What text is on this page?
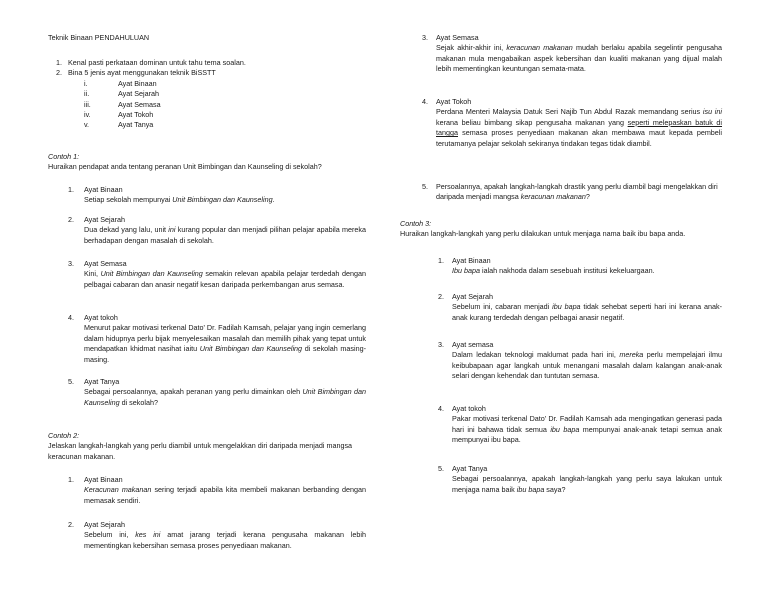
Teknik Binaan PENDAHULUAN
1. Kenal pasti perkataan dominan untuk tahu tema soalan.
2. Bina 5 jenis ayat menggunakan teknik BiSSTT
i.	Ayat Binaan
ii.	Ayat Sejarah
iii.	Ayat Semasa
iv.	Ayat Tokoh
v.	Ayat Tanya
Contoh 1:
Huraikan pendapat anda tentang peranan Unit Bimbingan dan Kaunseling di sekolah?
1. Ayat Binaan
Setiap sekolah mempunyai Unit Bimbingan dan Kaunseling.
2. Ayat Sejarah
Dua dekad yang lalu, unit ini kurang popular dan menjadi pilihan pelajar apabila mereka berhadapan dengan masalah di sekolah.
3. Ayat Semasa
Kini, Unit Bimbingan dan Kaunseling semakin relevan apabila pelajar terdedah dengan pelbagai cabaran dan anasir negatif kesan daripada perkembangan arus semasa.
4. Ayat tokoh
Menurut pakar motivasi terkenal Dato' Dr. Fadilah Kamsah, pelajar yang ingin cemerlang dalam hidupnya perlu bijak menyelesaikan masalah dan memilih pihak yang tepat untuk mendapatkan khidmat nasihat iaitu Unit Bimbingan dan Kaunseling di sekolah masing-masing.
5. Ayat Tanya
Sebagai persoalannya, apakah peranan yang perlu dimainkan oleh Unit Bimbingan dan Kaunseling di sekolah?
Contoh 2:
Jelaskan langkah-langkah yang perlu diambil untuk mengelakkan diri daripada menjadi mangsa keracunan makanan.
1. Ayat Binaan
Keracunan makanan sering terjadi apabila kita membeli makanan berbanding dengan memasak sendiri.
2. Ayat Sejarah
Sebelum ini, kes ini amat jarang terjadi kerana pengusaha makanan lebih mementingkan kebersihan semasa proses penyediaan makanan.
3. Ayat Semasa
Sejak akhir-akhir ini, keracunan makanan mudah berlaku apabila segelintir pengusaha makanan mula mengabaikan aspek kebersihan dan kualiti makanan yang dijual malah lebih mementingkan keuntungan semata-mata.
4. Ayat Tokoh
Perdana Menteri Malaysia Datuk Seri Najib Tun Abdul Razak memandang serius isu ini kerana beliau bimbang sikap pengusaha makanan yang seperti melepaskan batuk di tangga semasa proses penyediaan makanan akan membawa maut kepada pembeli terutamanya pelajar sekolah sekiranya tindakan tegas tidak diambil.
5. Persoalannya, apakah langkah-langkah drastik yang perlu diambil bagi mengelakkan diri daripada menjadi mangsa keracunan makanan?
Contoh 3:
Huraikan langkah-langkah yang perlu dilakukan untuk menjaga nama baik ibu bapa anda.
1. Ayat Binaan
Ibu bapa ialah nakhoda dalam sesebuah institusi kekeluargaan.
2. Ayat Sejarah
Sebelum ini, cabaran menjadi ibu bapa tidak sehebat seperti hari ini kerana anak-anak kurang terdedah dengan pelbagai anasir negatif.
3. Ayat semasa
Dalam ledakan teknologi maklumat pada hari ini, mereka perlu mempelajari ilmu keibubapaan agar langkah untuk menangani masalah dalam kalangan anak-anak selari dengan kehendak dan tuntutan semasa.
4. Ayat tokoh
Pakar motivasi terkenal Dato' Dr. Fadilah Kamsah ada mengingatkan generasi pada hari ini bahawa tidak semua ibu bapa mempunyai anak-anak tetapi semua anak mempunyai ibu bapa.
5. Ayat Tanya
Sebagai persoalannya, apakah langkah-langkah yang perlu saya lakukan untuk menjaga nama baik ibu bapa saya?
